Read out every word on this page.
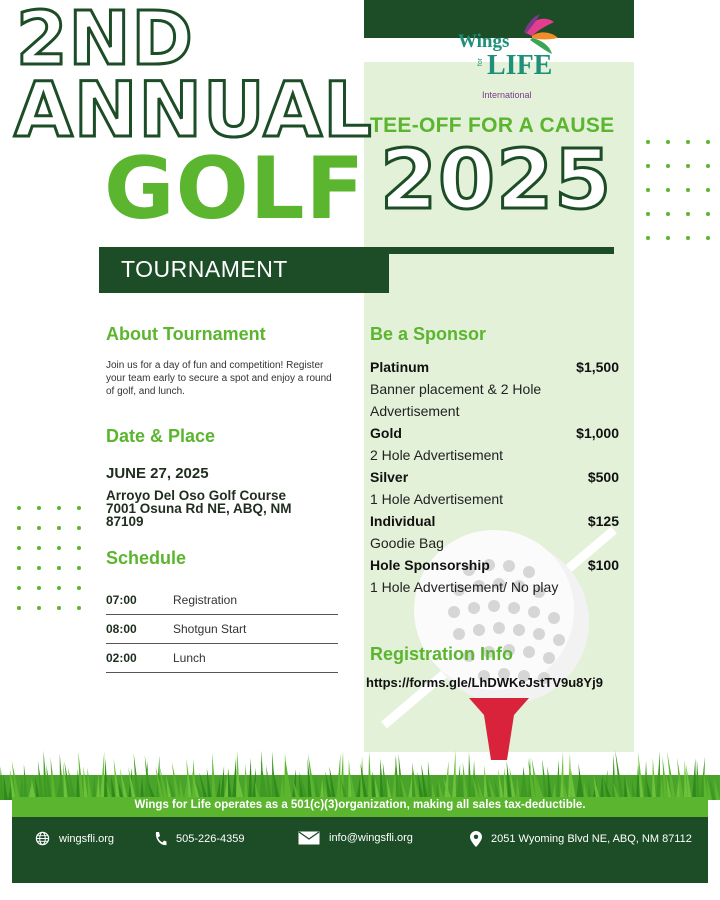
Wings
for LIFE
International
2ND
ANNUAL
GOLF
TEE-OFF FOR A CAUSE
2025
TOURNAMENT
About Tournament
Join us for a day of fun and competition! Register your team early to secure a spot and enjoy a round of golf, and lunch.
Date & Place
JUNE 27, 2025
Arroyo Del Oso Golf Course
7001 Osuna Rd NE, ABQ, NM
87109
Schedule
07:00	Registration
08:00	Shotgun Start
02:00	Lunch
Be a Sponsor
Platinum	$1,500
Banner placement & 2 Hole Advertisement
Gold	$1,000
2 Hole Advertisement
Silver	$500
1 Hole Advertisement
Individual	$125
Goodie Bag
Hole Sponsorship	$100
1 Hole Advertisement/ No play
Registration Info
https://forms.gle/LhDWKeJstTV9u8Yj9
Wings for Life operates as a 501(c)(3)organization, making all sales tax-deductible.
wingsfli.org	505-226-4359	info@wingsfli.org	2051 Wyoming Blvd NE, ABQ, NM 87112
